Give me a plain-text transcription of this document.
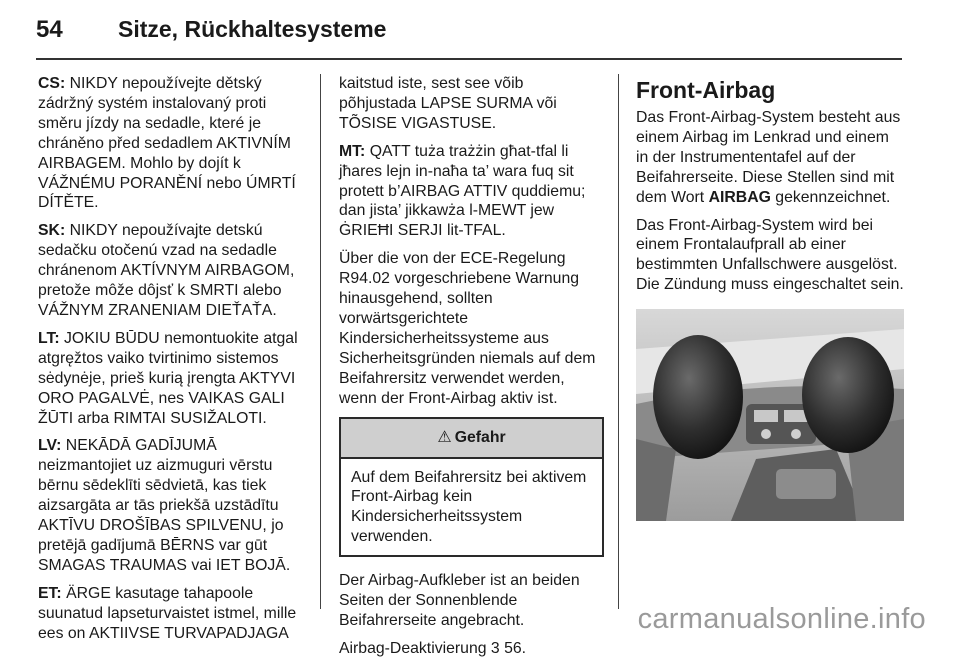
54	Sitze, Rückhaltesysteme

CS: NIKDY nepoužívejte dětský zádržný systém instalovaný proti směru jízdy na sedadle, které je chráněno před sedadlem AKTIVNÍM AIRBAGEM. Mohlo by dojít k VÁŽNÉMU PORANĚNÍ nebo ÚMRTÍ DÍTĚTE.

SK: NIKDY nepoužívajte detskú sedačku otočenú vzad na sedadle chránenom AKTÍVNYM AIRBAGOM, pretože môže dôjsť k SMRTI alebo VÁŽNYM ZRANENIAM DIEŤAŤA.

LT: JOKIU BŪDU nemontuokite atgal atgręžtos vaiko tvirtinimo sistemos sėdynėje, prieš kurią įrengta AKTYVI ORO PAGALVĖ, nes VAIKAS GALI ŽŪTI arba RIMTAI SUSIŽALOTI.

LV: NEKĀDĀ GADĪJUMĀ neizmantojiet uz aizmuguri vērstu bērnu sēdeklīti sēdvietā, kas tiek aizsargāta ar tās priekšā uzstādītu AKTĪVU DROŠĪBAS SPILVENU, jo pretējā gadījumā BĒRNS var gūt SMAGAS TRAUMAS vai IET BOJĀ.

ET: ÄRGE kasutage tahapoole suunatud lapseturvaistet istmel, mille ees on AKTIIVSE TURVAPADJAGA

kaitstud iste, sest see võib põhjustada LAPSE SURMA või TÕSISE VIGASTUSE.

MT: QATT tuża trażżin għat-tfal li jħares lejn in-naħa ta’ wara fuq sit protett b’AIRBAG ATTIV quddiemu; dan jista’ jikkawża l-MEWT jew ĠRIEĦI SERJI lit-TFAL.

Über die von der ECE-Regelung R94.02 vorgeschriebene Warnung hinausgehend, sollten vorwärtsgerichtete Kindersicherheitssysteme aus Sicherheitsgründen niemals auf dem Beifahrersitz verwendet werden, wenn der Front-Airbag aktiv ist.

⚠ Gefahr
Auf dem Beifahrersitz bei aktivem Front-Airbag kein Kindersicherheitssystem verwenden.

Der Airbag-Aufkleber ist an beiden Seiten der Sonnenblende Beifahrerseite angebracht.

Airbag-Deaktivierung 3 56.

Front-Airbag

Das Front-Airbag-System besteht aus einem Airbag im Lenkrad und einem in der Instrumententafel auf der Beifahrerseite. Diese Stellen sind mit dem Wort AIRBAG gekennzeichnet.

Das Front-Airbag-System wird bei einem Frontalaufprall ab einer bestimmten Unfallschwere ausgelöst. Die Zündung muss eingeschaltet sein.

carmanualsonline.info
